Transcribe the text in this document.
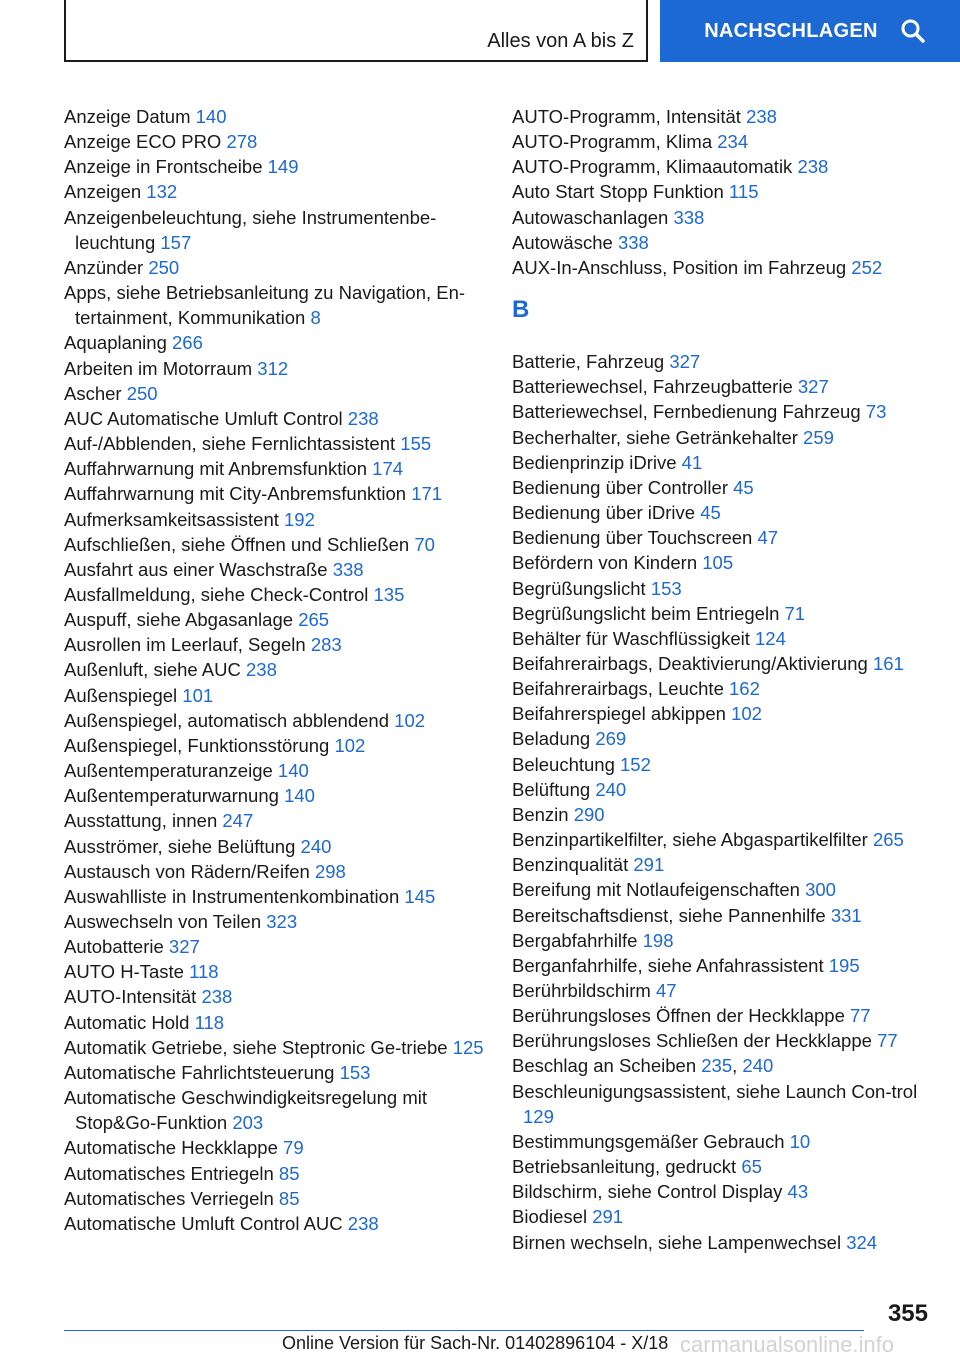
Alles von A bis Z	NACHSCHLAGEN
Anzeige Datum 140
Anzeige ECO PRO 278
Anzeige in Frontscheibe 149
Anzeigen 132
Anzeigenbeleuchtung, siehe Instrumentenbe-leuchtung 157
Anzünder 250
Apps, siehe Betriebsanleitung zu Navigation, En-tertainment, Kommunikation 8
Aquaplaning 266
Arbeiten im Motorraum 312
Ascher 250
AUC Automatische Umluft Control 238
Auf-/Abblenden, siehe Fernlichtassistent 155
Auffahrwarnung mit Anbremsfunktion 174
Auffahrwarnung mit City-Anbremsfunktion 171
Aufmerksamkeitsassistent 192
Aufschließen, siehe Öffnen und Schließen 70
Ausfahrt aus einer Waschstraße 338
Ausfallmeldung, siehe Check-Control 135
Auspuff, siehe Abgasanlage 265
Ausrollen im Leerlauf, Segeln 283
Außenluft, siehe AUC 238
Außenspiegel 101
Außenspiegel, automatisch abblendend 102
Außenspiegel, Funktionsstörung 102
Außentemperaturanzeige 140
Außentemperaturwarnung 140
Ausstattung, innen 247
Ausströmer, siehe Belüftung 240
Austausch von Rädern/Reifen 298
Auswahlliste in Instrumentenkombination 145
Auswechseln von Teilen 323
Autobatterie 327
AUTO H-Taste 118
AUTO-Intensität 238
Automatic Hold 118
Automatik Getriebe, siehe Steptronic Ge-triebe 125
Automatische Fahrlichtsteuerung 153
Automatische Geschwindigkeitsregelung mit Stop&Go-Funktion 203
Automatische Heckklappe 79
Automatisches Entriegeln 85
Automatisches Verriegeln 85
Automatische Umluft Control AUC 238
AUTO-Programm, Intensität 238
AUTO-Programm, Klima 234
AUTO-Programm, Klimaautomatik 238
Auto Start Stopp Funktion 115
Autowaschanlagen 338
Autowäsche 338
AUX-In-Anschluss, Position im Fahrzeug 252
B
Batterie, Fahrzeug 327
Batteriewechsel, Fahrzeugbatterie 327
Batteriewechsel, Fernbedienung Fahrzeug 73
Becherhalter, siehe Getränkehalter 259
Bedienprinzip iDrive 41
Bedienung über Controller 45
Bedienung über iDrive 45
Bedienung über Touchscreen 47
Befördern von Kindern 105
Begrüßungslicht 153
Begrüßungslicht beim Entriegeln 71
Behälter für Waschflüssigkeit 124
Beifahrerairbags, Deaktivierung/Aktivierung 161
Beifahrerairbags, Leuchte 162
Beifahrerspiegel abkippen 102
Beladung 269
Beleuchtung 152
Belüftung 240
Benzin 290
Benzinpartikelfilter, siehe Abgaspartikelfilter 265
Benzinqualität 291
Bereifung mit Notlaufeigenschaften 300
Bereitschaftsdienst, siehe Pannenhilfe 331
Bergabfahrhilfe 198
Berganfahrhilfe, siehe Anfahrassistent 195
Berührbildschirm 47
Berührungsloses Öffnen der Heckklappe 77
Berührungsloses Schließen der Heckklappe 77
Beschlag an Scheiben 235, 240
Beschleunigungsassistent, siehe Launch Con-trol 129
Bestimmungsgemäßer Gebrauch 10
Betriebsanleitung, gedruckt 65
Bildschirm, siehe Control Display 43
Biodiesel 291
Birnen wechseln, siehe Lampenwechsel 324
355
Online Version für Sach-Nr. 01402896104 - X/18 carmanualsonline.info
